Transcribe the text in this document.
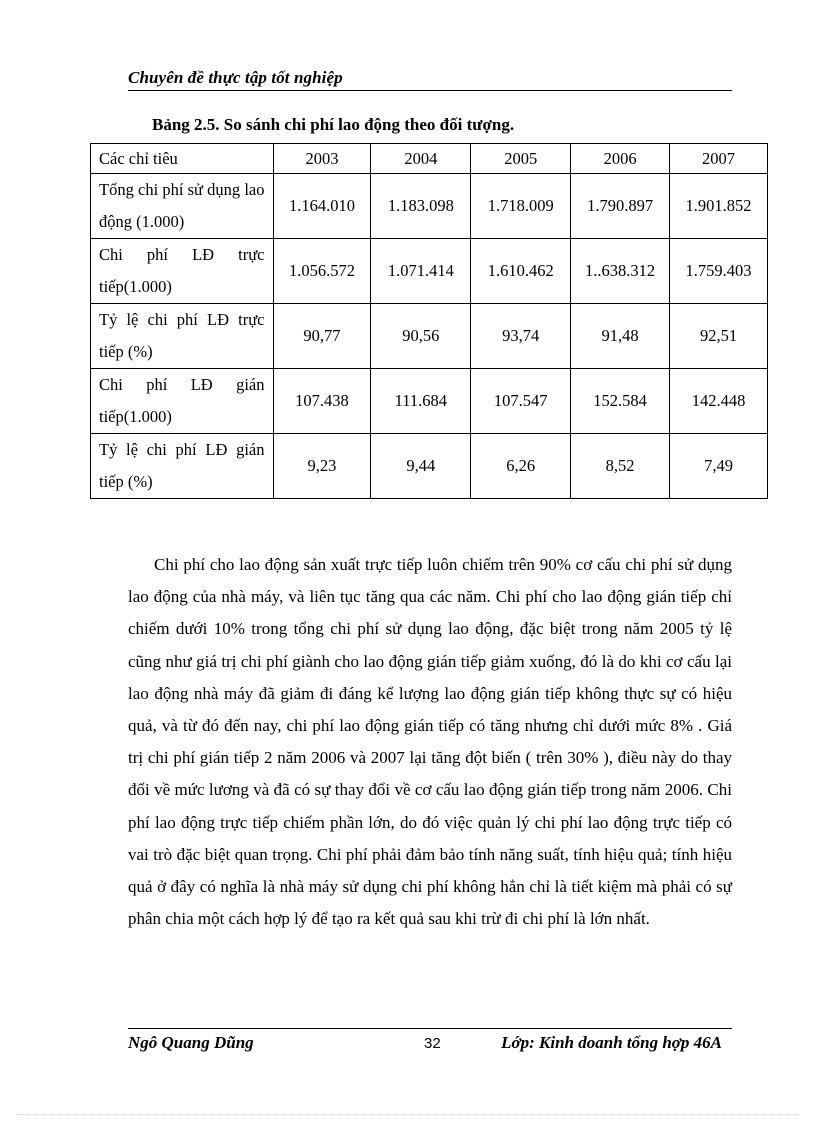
Chuyên đề thực tập tốt nghiệp
Bảng 2.5. So sánh chi phí lao động theo đối tượng.
Các chỉ tiêu	2003	2004	2005	2006	2007
Tổng chi phí sử dụng lao động (1.000)	1.164.010	1.183.098	1.718.009	1.790.897	1.901.852
Chi phí LĐ trực tiếp(1.000)	1.056.572	1.071.414	1.610.462	1..638.312	1.759.403
Tỷ lệ chi phí LĐ trực tiếp (%)	90,77	90,56	93,74	91,48	92,51
Chi phí LĐ gián tiếp(1.000)	107.438	111.684	107.547	152.584	142.448
Tỷ lệ chi phí LĐ gián tiếp (%)	9,23	9,44	6,26	8,52	7,49

Chi phí cho lao động sản xuất trực tiếp luôn chiếm trên 90% cơ cấu chi phí sử dụng lao động của nhà máy, và liên tục tăng qua các năm. Chi phí cho lao động gián tiếp chỉ chiếm dưới 10% trong tổng chi phí sử dụng lao động, đặc biệt trong năm 2005 tỷ lệ cũng như giá trị chi phí giành cho lao động gián tiếp giảm xuống, đó là do khi cơ cấu lại lao động nhà máy đã giảm đi đáng kể lượng lao động gián tiếp không thực sự có hiệu quả, và từ đó đến nay, chi phí lao động gián tiếp có tăng nhưng chỉ dưới mức 8% . Giá trị chi phí gián tiếp 2 năm 2006 và 2007 lại tăng đột biến ( trên 30% ), điều này do thay đổi về mức lương và đã có sự thay đổi về cơ cấu lao động gián tiếp trong năm 2006. Chi phí lao động trực tiếp chiếm phần lớn, do đó việc quản lý chi phí lao động trực tiếp có vai trò đặc biệt quan trọng. Chi phí phải đảm bảo tính năng suất, tính hiệu quả; tính hiệu quả ở đây có nghĩa là nhà máy sử dụng chi phí không hẳn chỉ là tiết kiệm mà phải có sự phân chia một cách hợp lý để tạo ra kết quả sau khi trừ đi chi phí là lớn nhất.

Ngô Quang Dũng	32	Lớp: Kinh doanh tổng hợp 46A
